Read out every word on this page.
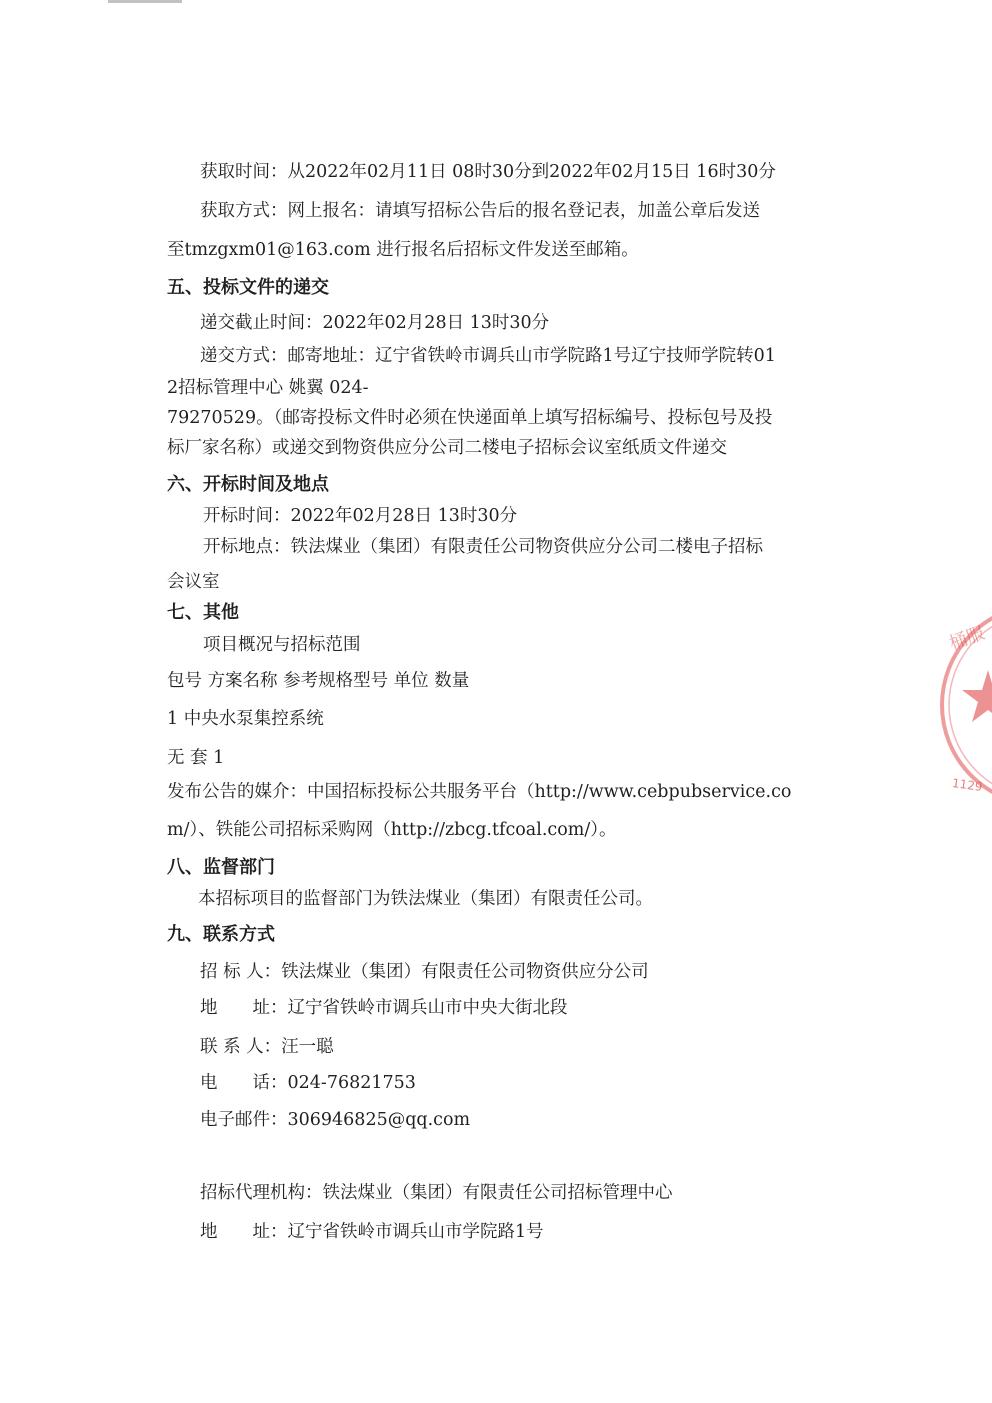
获取时间：从2022年02月11日 08时30分到2022年02月15日 16时30分
获取方式：网上报名：请填写招标公告后的报名登记表，加盖公章后发送
至tmzgxm01@163.com 进行报名后招标文件发送至邮箱。
五、投标文件的递交
递交截止时间：2022年02月28日 13时30分
递交方式：邮寄地址：辽宁省铁岭市调兵山市学院路1号辽宁技师学院转01
2招标管理中心 姚翼 024-
79270529。（邮寄投标文件时必须在快递面单上填写招标编号、投标包号及投
标厂家名称）或递交到物资供应分公司二楼电子招标会议室纸质文件递交
六、开标时间及地点
开标时间：2022年02月28日 13时30分
开标地点：铁法煤业（集团）有限责任公司物资供应分公司二楼电子招标
会议室
七、其他
项目概况与招标范围
包号 方案名称 参考规格型号 单位 数量
1 中央水泵集控系统
无 套 1
发布公告的媒介：中国招标投标公共服务平台（http://www.cebpubservice.co
m/）、铁能公司招标采购网（http://zbcg.tfcoal.com/）。
八、监督部门
本招标项目的监督部门为铁法煤业（集团）有限责任公司。
九、联系方式
招 标 人：铁法煤业（集团）有限责任公司物资供应分公司
地　　址：辽宁省铁岭市调兵山市中央大街北段
联 系 人：汪一聪
电　　话：024-76821753
电子邮件：306946825@qq.com
招标代理机构：铁法煤业（集团）有限责任公司招标管理中心
地　　址：辽宁省铁岭市调兵山市学院路1号
桶服
1129
